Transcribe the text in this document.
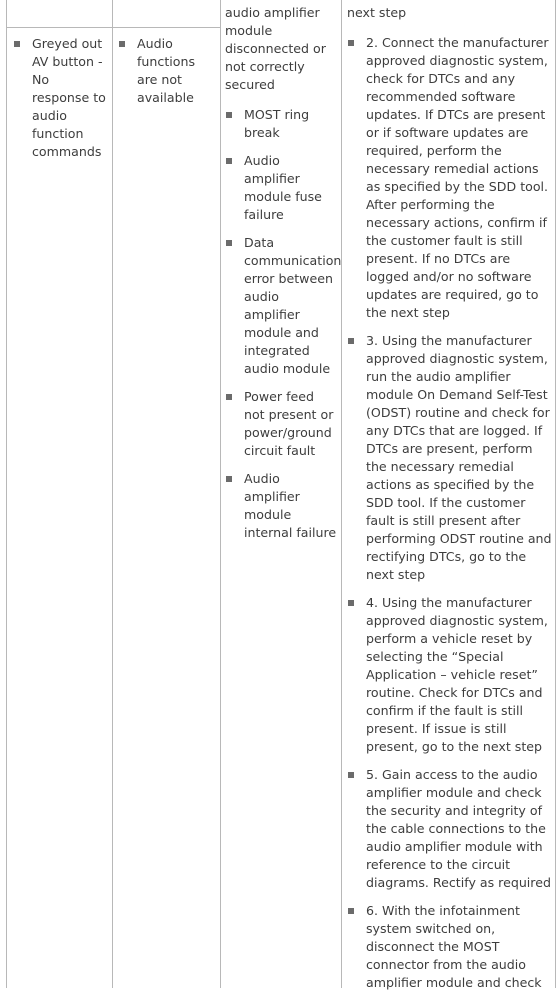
Greyed out AV button - No response to audio function commands
Audio functions are not available
audio amplifier module disconnected or not correctly secured
MOST ring break
Audio amplifier module fuse failure
Data communication error between audio amplifier module and integrated audio module
Power feed not present or power/ground circuit fault
Audio amplifier module internal failure
next step
2. Connect the manufacturer approved diagnostic system, check for DTCs and any recommended software updates. If DTCs are present or if software updates are required, perform the necessary remedial actions as specified by the SDD tool. After performing the necessary actions, confirm if the customer fault is still present. If no DTCs are logged and/or no software updates are required, go to the next step
3. Using the manufacturer approved diagnostic system, run the audio amplifier module On Demand Self-Test (ODST) routine and check for any DTCs that are logged. If DTCs are present, perform the necessary remedial actions as specified by the SDD tool. If the customer fault is still present after performing ODST routine and rectifying DTCs, go to the next step
4. Using the manufacturer approved diagnostic system, perform a vehicle reset by selecting the “Special Application – vehicle reset” routine. Check for DTCs and confirm if the fault is still present. If issue is still present, go to the next step
5. Gain access to the audio amplifier module and check the security and integrity of the cable connections to the audio amplifier module with reference to the circuit diagrams. Rectify as required
6. With the infotainment system switched on, disconnect the MOST connector from the audio amplifier module and check
